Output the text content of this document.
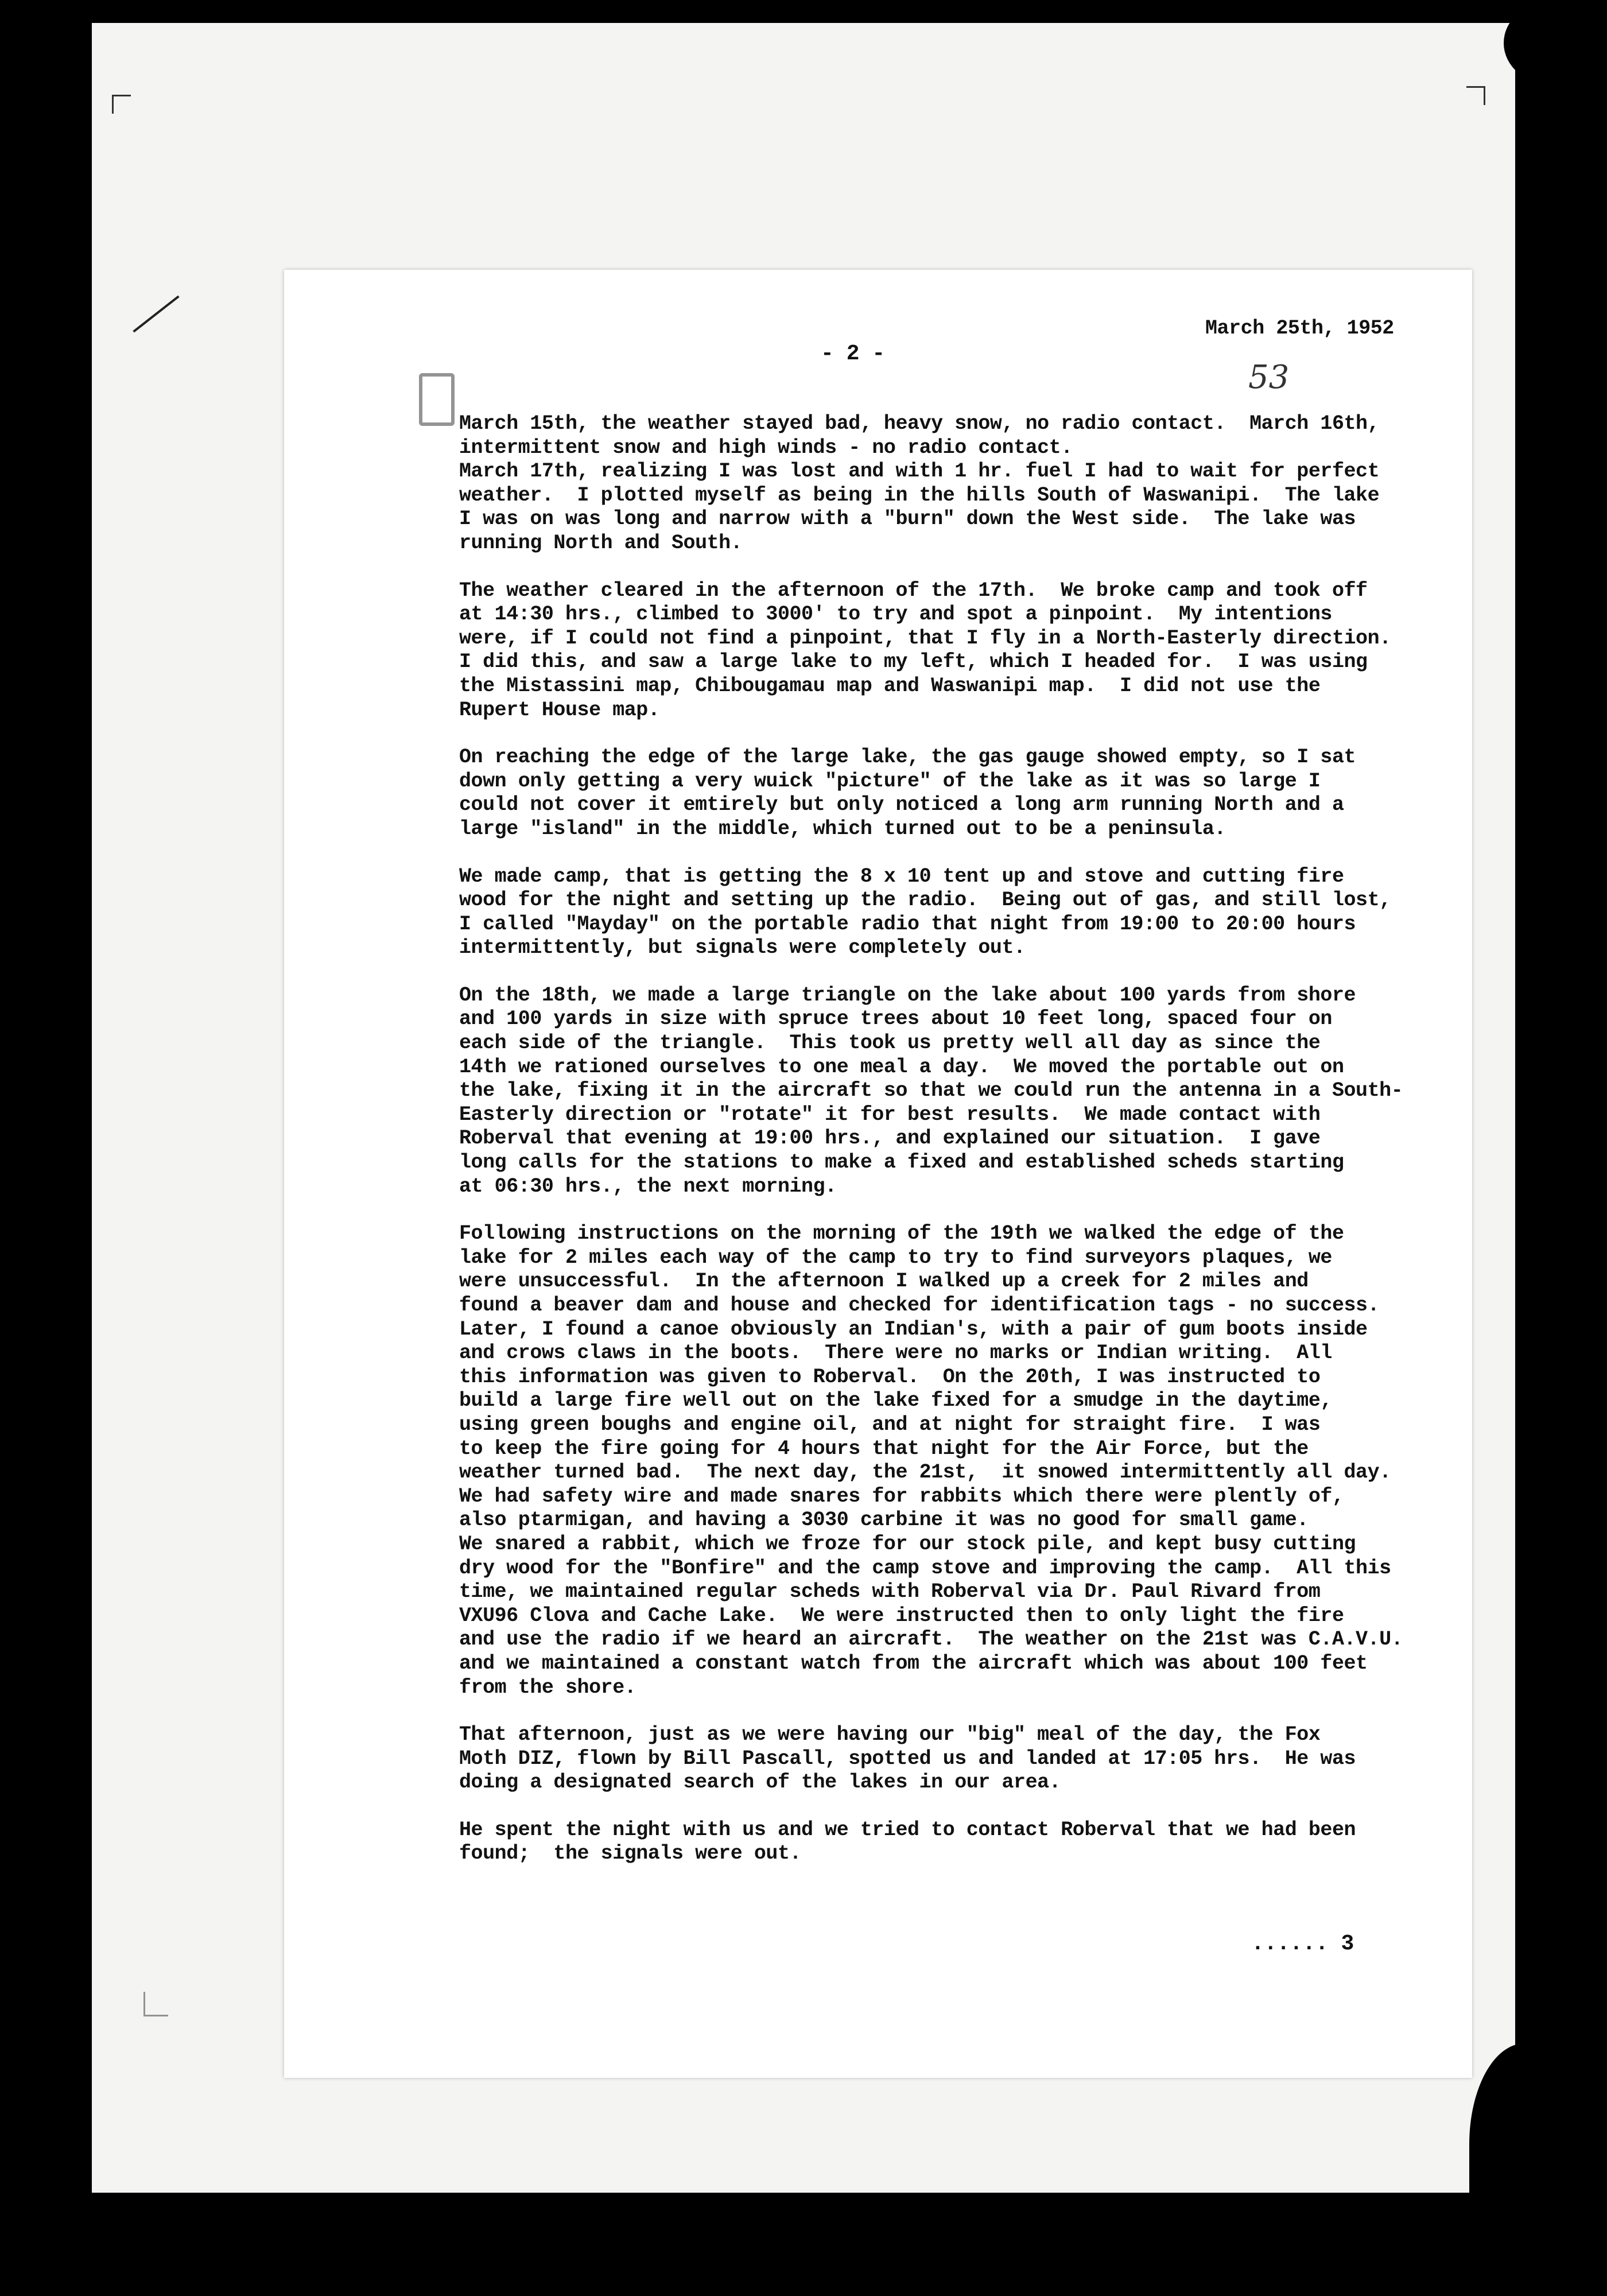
March 25th, 1952
- 2 -
53
March 15th, the weather stayed bad, heavy snow, no radio contact.  March 16th,
intermittent snow and high winds - no radio contact.
March 17th, realizing I was lost and with 1 hr. fuel I had to wait for perfect
weather.  I plotted myself as being in the hills South of Waswanipi.  The lake
I was on was long and narrow with a "burn" down the West side.  The lake was
running North and South.
The weather cleared in the afternoon of the 17th.  We broke camp and took off
at 14:30 hrs., climbed to 3000' to try and spot a pinpoint.  My intentions
were, if I could not find a pinpoint, that I fly in a North-Easterly direction.
I did this, and saw a large lake to my left, which I headed for.  I was using
the Mistassini map, Chibougamau map and Waswanipi map.  I did not use the
Rupert House map.
On reaching the edge of the large lake, the gas gauge showed empty, so I sat
down only getting a very wuick "picture" of the lake as it was so large I
could not cover it emtirely but only noticed a long arm running North and a
large "island" in the middle, which turned out to be a peninsula.
We made camp, that is getting the 8 x 10 tent up and stove and cutting fire
wood for the night and setting up the radio.  Being out of gas, and still lost,
I called "Mayday" on the portable radio that night from 19:00 to 20:00 hours
intermittently, but signals were completely out.
On the 18th, we made a large triangle on the lake about 100 yards from shore
and 100 yards in size with spruce trees about 10 feet long, spaced four on
each side of the triangle.  This took us pretty well all day as since the
14th we rationed ourselves to one meal a day.  We moved the portable out on
the lake, fixing it in the aircraft so that we could run the antenna in a South-
Easterly direction or "rotate" it for best results.  We made contact with
Roberval that evening at 19:00 hrs., and explained our situation.  I gave
long calls for the stations to make a fixed and established scheds starting
at 06:30 hrs., the next morning.
Following instructions on the morning of the 19th we walked the edge of the
lake for 2 miles each way of the camp to try to find surveyors plaques, we
were unsuccessful.  In the afternoon I walked up a creek for 2 miles and
found a beaver dam and house and checked for identification tags - no success.
Later, I found a canoe obviously an Indian's, with a pair of gum boots inside
and crows claws in the boots.  There were no marks or Indian writing.  All
this information was given to Roberval.  On the 20th, I was instructed to
build a large fire well out on the lake fixed for a smudge in the daytime,
using green boughs and engine oil, and at night for straight fire.  I was
to keep the fire going for 4 hours that night for the Air Force, but the
weather turned bad.  The next day, the 21st,  it snowed intermittently all day.
We had safety wire and made snares for rabbits which there were plently of,
also ptarmigan, and having a 3030 carbine it was no good for small game.
We snared a rabbit, which we froze for our stock pile, and kept busy cutting
dry wood for the "Bonfire" and the camp stove and improving the camp.  All this
time, we maintained regular scheds with Roberval via Dr. Paul Rivard from
VXU96 Clova and Cache Lake.  We were instructed then to only light the fire
and use the radio if we heard an aircraft.  The weather on the 21st was C.A.V.U.
and we maintained a constant watch from the aircraft which was about 100 feet
from the shore.
That afternoon, just as we were having our "big" meal of the day, the Fox
Moth DIZ, flown by Bill Pascall, spotted us and landed at 17:05 hrs.  He was
doing a designated search of the lakes in our area.
He spent the night with us and we tried to contact Roberval that we had been
found;  the signals were out.
...... 3
